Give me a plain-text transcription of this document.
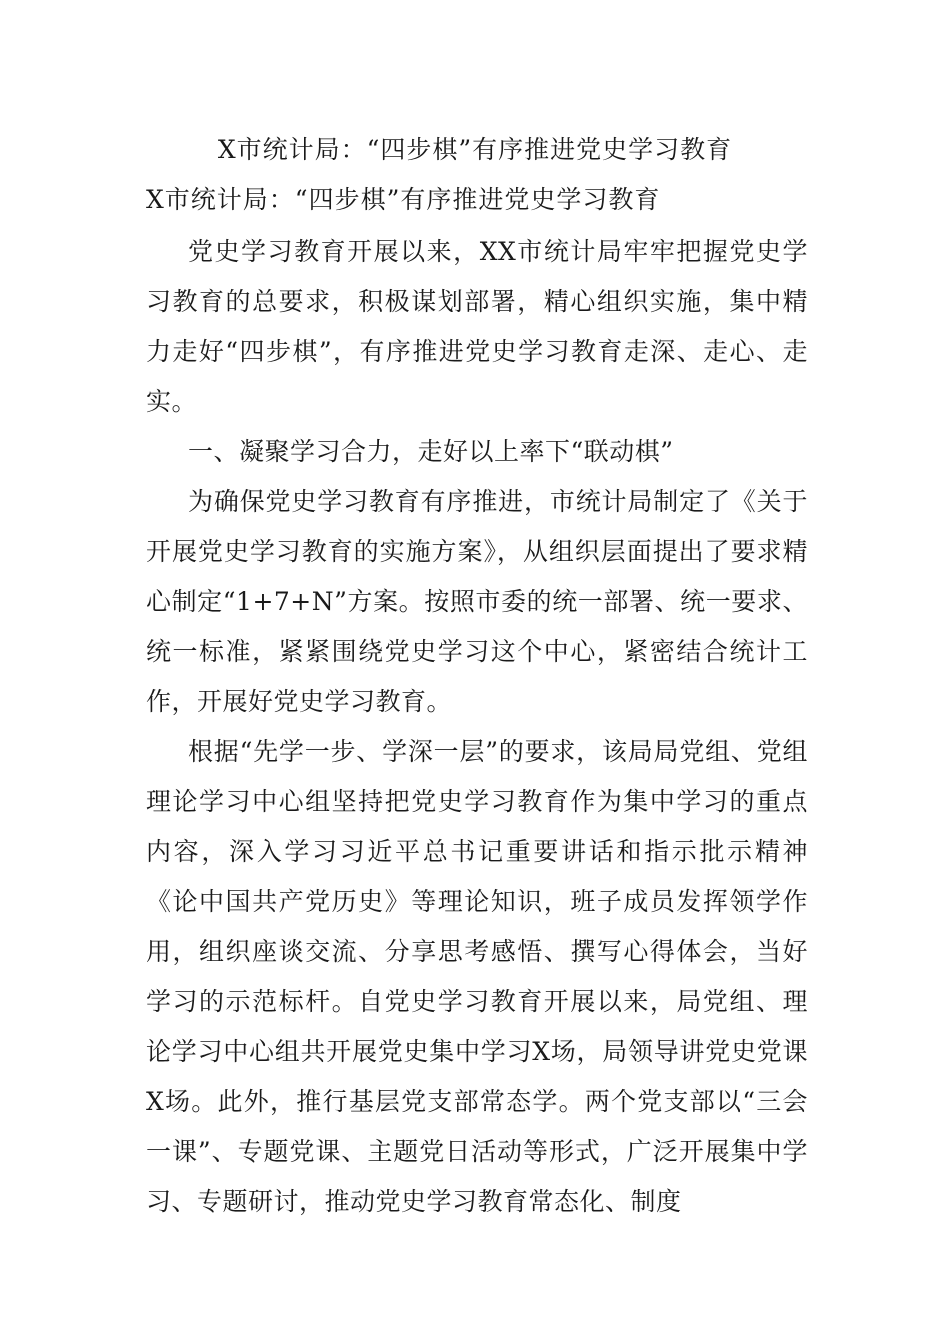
X市统计局：“四步棋”有序推进党史学习教育
X市统计局：“四步棋”有序推进党史学习教育

党史学习教育开展以来，XX市统计局牢牢把握党史学习教育的总要求，积极谋划部署，精心组织实施，集中精力走好“四步棋”，有序推进党史学习教育走深、走心、走实。

一、凝聚学习合力，走好以上率下“联动棋”

为确保党史学习教育有序推进，市统计局制定了《关于开展党史学习教育的实施方案》，从组织层面提出了要求精心制定“1+7+N”方案。按照市委的统一部署、统一要求、统一标准，紧紧围绕党史学习这个中心，紧密结合统计工作，开展好党史学习教育。

根据“先学一步、学深一层”的要求，该局局党组、党组理论学习中心组坚持把党史学习教育作为集中学习的重点内容，深入学习习近平总书记重要讲话和指示批示精神《论中国共产党历史》等理论知识，班子成员发挥领学作用，组织座谈交流、分享思考感悟、撰写心得体会，当好学习的示范标杆。自党史学习教育开展以来，局党组、理论学习中心组共开展党史集中学习X场，局领导讲党史党课X场。此外，推行基层党支部常态学。两个党支部以“三会一课”、专题党课、主题党日活动等形式，广泛开展集中学习、专题研讨，推动党史学习教育常态化、制度
